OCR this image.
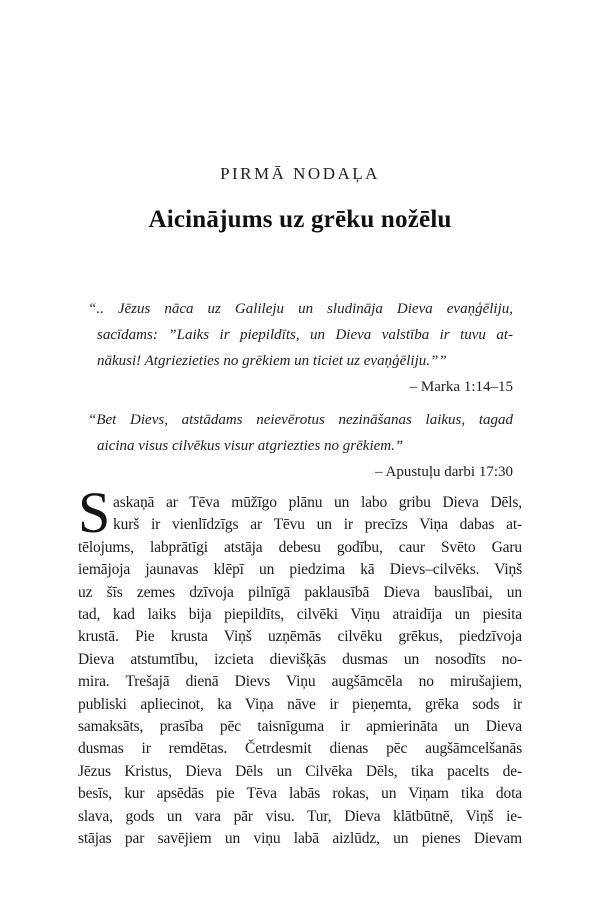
PIRMĀ NODAĻA
Aicinājums uz grēku nožēlu
“.. Jēzus nāca uz Galileju un sludināja Dieva evaņģēliju,
sacīdams: ”Laiks ir piepildīts, un Dieva valstība ir tuvu at-
nākusi! Atgriezieties no grēkiem un ticiet uz evaņģēliju.””
– Marka 1:14–15
“Bet Dievs, atstādams neievērotus nezināšanas laikus, tagad
aicina visus cilvēkus visur atgriezties no grēkiem.”
– Apustuļu darbi 17:30
S askaņā ar Tēva mūžīgo plānu un labo gribu Dieva Dēls,
kurš ir vienlīdzīgs ar Tēvu un ir precīzs Viņa dabas at-
tēlojums, labprātīgi atstāja debesu godību, caur Svēto Garu
iemājoja jaunavas klēpī un piedzima kā Dievs–cilvēks. Viņš
uz šīs zemes dzīvoja pilnīgā paklausībā Dieva bauslībai, un
tad, kad laiks bija piepildīts, cilvēki Viņu atraidīja un piesita
krustā. Pie krusta Viņš uzņēmās cilvēku grēkus, piedzīvoja
Dieva atstumtību, izcieta dievišķās dusmas un nosodīts no-
mira. Trešajā dienā Dievs Viņu augšāmcēla no mirušajiem,
publiski apliecinot, ka Viņa nāve ir pieņemta, grēka sods ir
samaksāts, prasība pēc taisnīguma ir apmierināta un Dieva
dusmas ir remdētas. Četrdesmit dienas pēc augšāmcelšanās
Jēzus Kristus, Dieva Dēls un Cilvēka Dēls, tika pacelts de-
besīs, kur apsēdās pie Tēva labās rokas, un Viņam tika dota
slava, gods un vara pār visu. Tur, Dieva klātbūtnē, Viņš ie-
stājas par savējiem un viņu labā aizlūdz, un pienes Dievam
